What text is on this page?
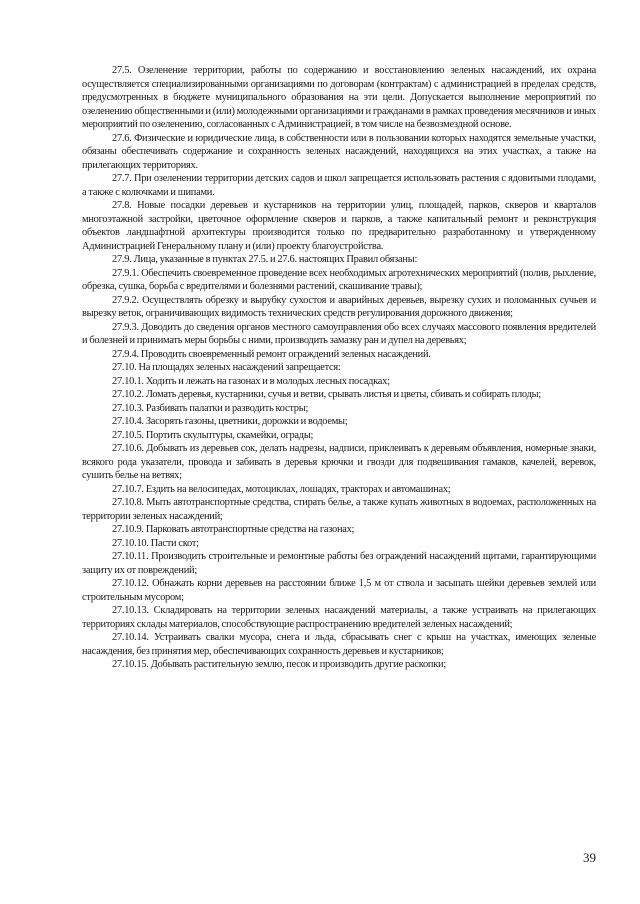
27.5. Озеленение территории, работы по содержанию и восстановлению зеленых насаждений, их охрана осуществляется специализированными организациями по договорам (контрактам) с администрацией в пределах средств, предусмотренных в бюджете муниципального образования на эти цели. Допускается выполнение мероприятий по озеленению общественными и (или) молодежными организациями и гражданами в рамках проведения месячников и иных мероприятий по озеленению, согласованных с Администрацией, в том числе на безвозмездной основе.

27.6. Физические и юридические лица, в собственности или в пользовании которых находятся земельные участки, обязаны обеспечивать содержание и сохранность зеленых насаждений, находящихся на этих участках, а также на прилегающих территориях.

27.7. При озеленении территории детских садов и школ запрещается использовать растения с ядовитыми плодами, а также с колючками и шипами.

27.8. Новые посадки деревьев и кустарников на территории улиц, площадей, парков, скверов и кварталов многоэтажной застройки, цветочное оформление скверов и парков, а также капитальный ремонт и реконструкция объектов ландшафтной архитектуры производится только по предварительно разработанному и утвержденному Администрацией Генеральному плану и (или) проекту благоустройства.

27.9. Лица, указанные в пунктах 27.5. и 27.6. настоящих Правил обязаны:

27.9.1. Обеспечить своевременное проведение всех необходимых агротехнических мероприятий (полив, рыхление, обрезка, сушка, борьба с вредителями и болезнями растений, скашивание травы);

27.9.2. Осуществлять обрезку и вырубку сухостоя и аварийных деревьев, вырезку сухих и поломанных сучьев и вырезку веток, ограничивающих видимость технических средств регулирования дорожного движения;

27.9.3. Доводить до сведения органов местного самоуправления обо всех случаях массового появления вредителей и болезней и принимать меры борьбы с ними, производить замазку ран и дупел на деревьях;

27.9.4. Проводить своевременный ремонт ограждений зеленых насаждений.

27.10. На площадях зеленых насаждений запрещается:

27.10.1. Ходить и лежать на газонах и в молодых лесных посадках;

27.10.2. Ломать деревья, кустарники, сучья и ветви, срывать листья и цветы, сбивать и собирать плоды;

27.10.3. Разбивать палатки и разводить костры;

27.10.4. Засорять газоны, цветники, дорожки и водоемы;

27.10.5. Портить скульптуры, скамейки, ограды;

27.10.6. Добывать из деревьев сок, делать надрезы, надписи, приклеивать к деревьям объявления, номерные знаки, всякого рода указатели, провода и забивать в деревья крючки и гвозди для подвешивания гамаков, качелей, веревок, сушить белье на ветвях;

27.10.7. Ездить на велосипедах, мотоциклах, лошадях, тракторах и автомашинах;

27.10.8. Мыть автотранспортные средства, стирать белье, а также купать животных в водоемах, расположенных на территории зеленых насаждений;

27.10.9. Парковать автотранспортные средства на газонах;

27.10.10. Пасти скот;

27.10.11. Производить строительные и ремонтные работы без ограждений насаждений щитами, гарантирующими защиту их от повреждений;

27.10.12. Обнажать корни деревьев на расстоянии ближе 1,5 м от ствола и засыпать шейки деревьев землей или строительным мусором;

27.10.13. Складировать на территории зеленых насаждений материалы, а также устраивать на прилегающих территориях склады материалов, способствующие распространению вредителей зеленых насаждений;

27.10.14. Устраивать свалки мусора, снега и льда, сбрасывать снег с крыш на участках, имеющих зеленые насаждения, без принятия мер, обеспечивающих сохранность деревьев и кустарников;

27.10.15. Добывать растительную землю, песок и производить другие раскопки;

39
